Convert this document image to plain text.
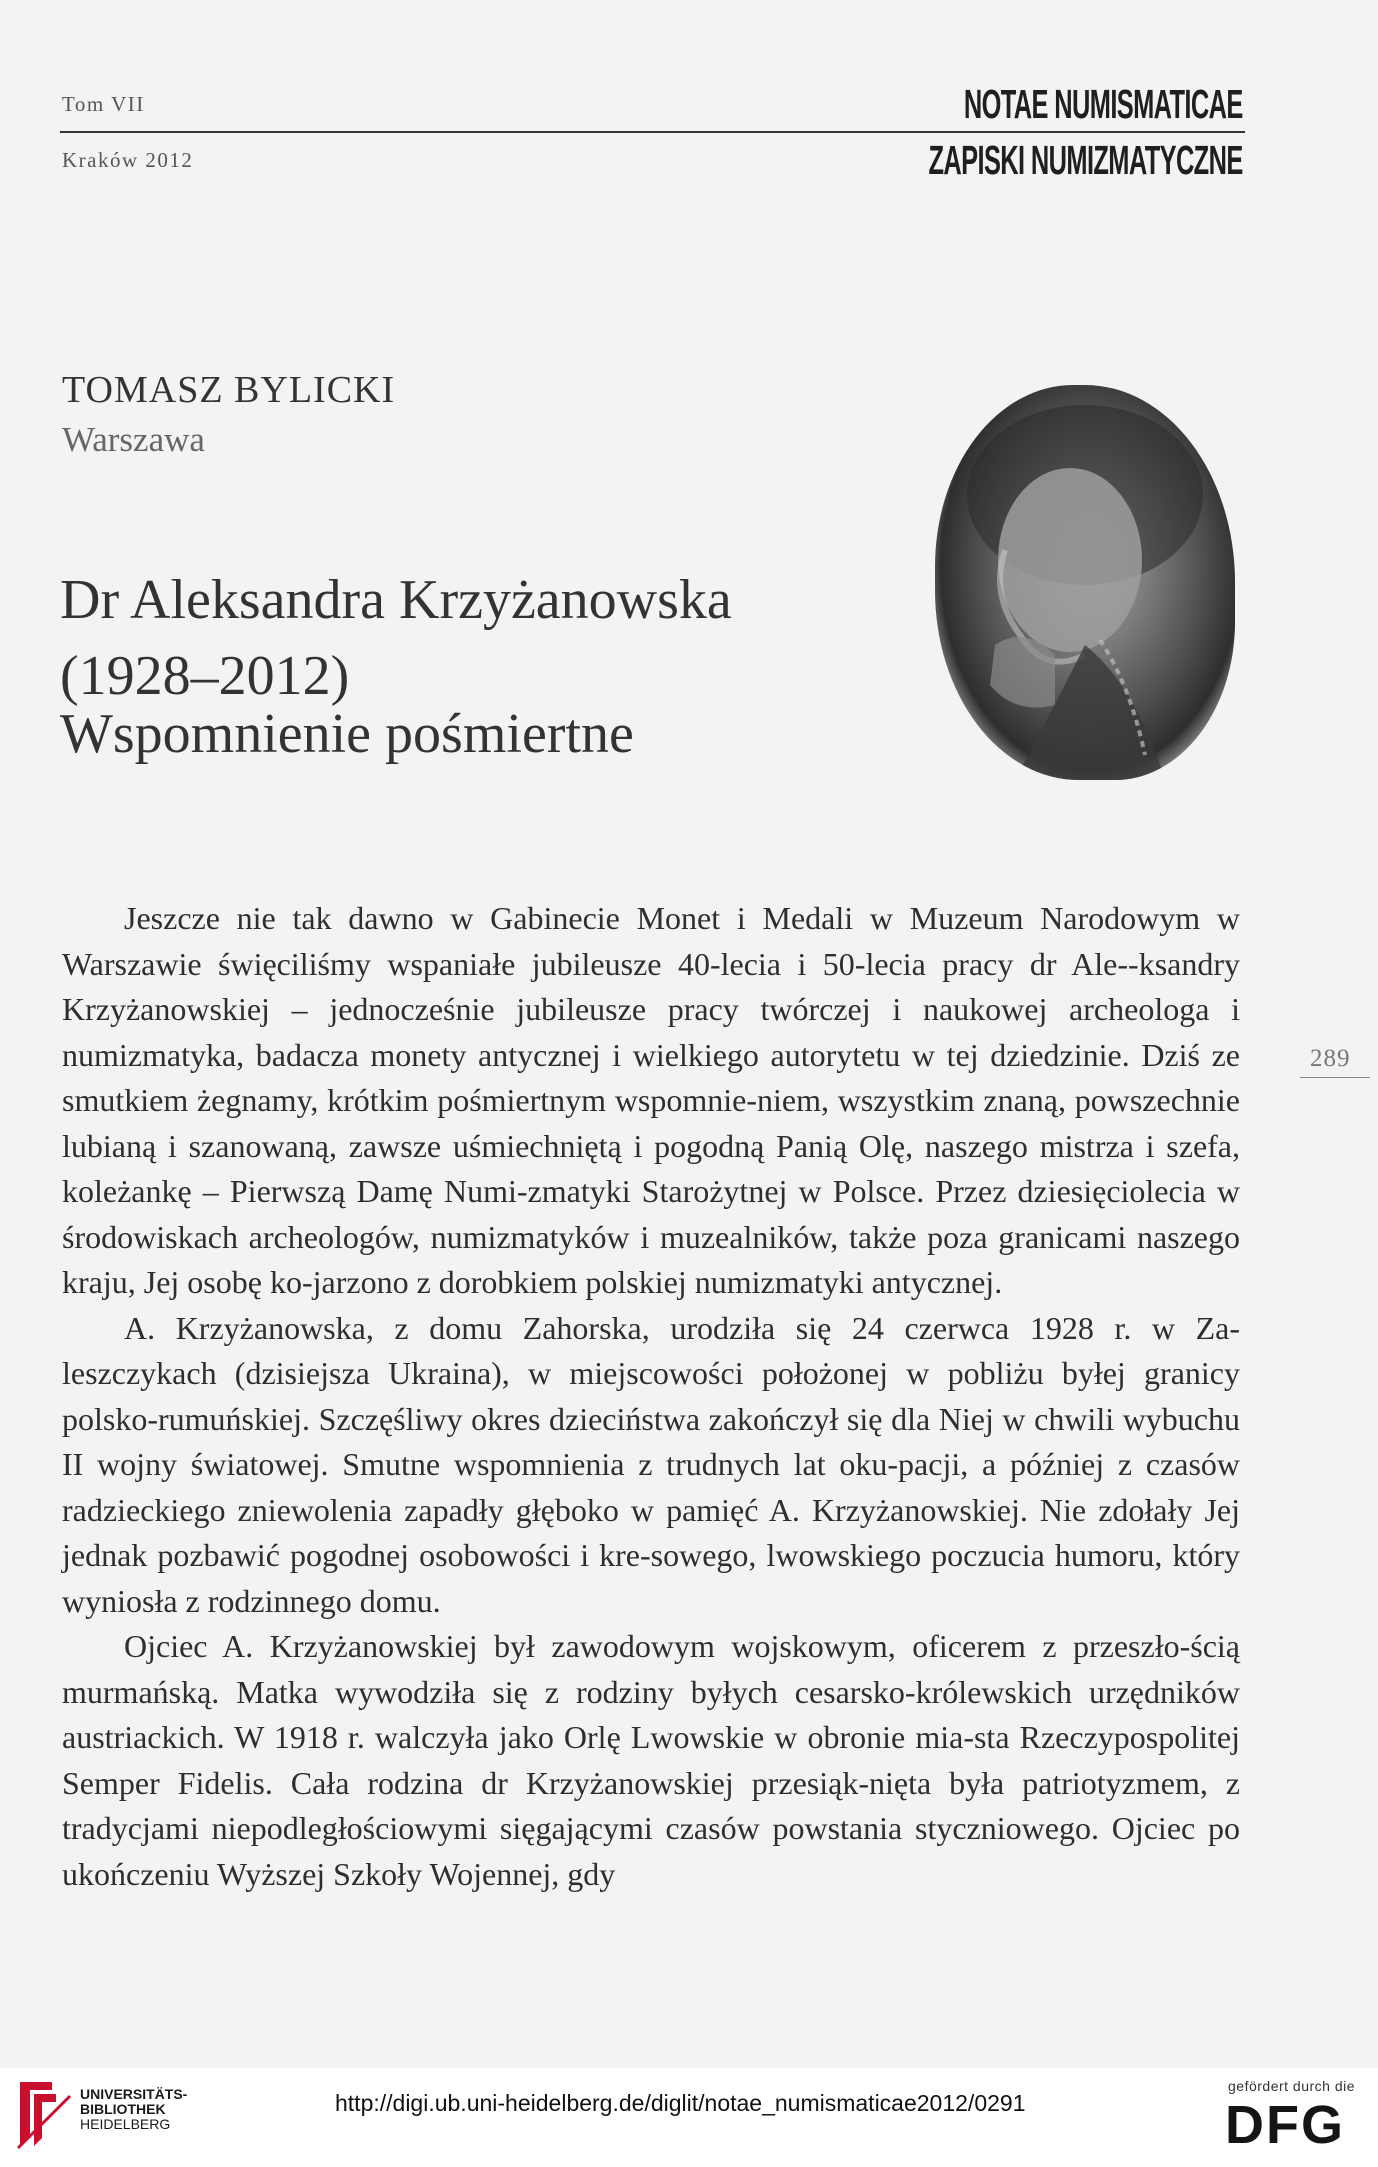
Tom VII
Kraków 2012
NOTAE NUMISMATICAE
ZAPISKI NUMIZMATYCZNE
TOMASZ BYLICKI
Warszawa
Dr Aleksandra Krzyżanowska
(1928–2012)
Wspomnienie pośmiertne
289

Jeszcze nie tak dawno w Gabinecie Monet i Medali w Muzeum Narodowym w Warszawie święciliśmy wspaniałe jubileusze 40-lecia i 50-lecia pracy dr Ale--ksandry Krzyżanowskiej – jednocześnie jubileusze pracy twórczej i naukowej archeologa i numizmatyka, badacza monety antycznej i wielkiego autorytetu w tej dziedzinie. Dziś ze smutkiem żegnamy, krótkim pośmiertnym wspomnie-niem, wszystkim znaną, powszechnie lubianą i szanowaną, zawsze uśmiechniętą i pogodną Panią Olę, naszego mistrza i szefa, koleżankę – Pierwszą Damę Numi-zmatyki Starożytnej w Polsce. Przez dziesięciolecia w środowiskach archeologów, numizmatyków i muzealników, także poza granicami naszego kraju, Jej osobę ko-jarzono z dorobkiem polskiej numizmatyki antycznej.

A. Krzyżanowska, z domu Zahorska, urodziła się 24 czerwca 1928 r. w Za-leszczykach (dzisiejsza Ukraina), w miejscowości położonej w pobliżu byłej granicy polsko-rumuńskiej. Szczęśliwy okres dzieciństwa zakończył się dla Niej w chwili wybuchu II wojny światowej. Smutne wspomnienia z trudnych lat oku-pacji, a później z czasów radzieckiego zniewolenia zapadły głęboko w pamięć A. Krzyżanowskiej. Nie zdołały Jej jednak pozbawić pogodnej osobowości i kre-sowego, lwowskiego poczucia humoru, który wyniosła z rodzinnego domu.

Ojciec A. Krzyżanowskiej był zawodowym wojskowym, oficerem z przeszło-ścią murmańską. Matka wywodziła się z rodziny byłych cesarsko-królewskich urzędników austriackich. W 1918 r. walczyła jako Orlę Lwowskie w obronie mia-sta Rzeczypospolitej Semper Fidelis. Cała rodzina dr Krzyżanowskiej przesiąk-nięta była patriotyzmem, z tradycjami niepodległościowymi sięgającymi czasów powstania styczniowego. Ojciec po ukończeniu Wyższej Szkoły Wojennej, gdy

UNIVERSITÄTS-
BIBLIOTHEK
HEIDELBERG
http://digi.ub.uni-heidelberg.de/diglit/notae_numismaticae2012/0291
gefördert durch die
DFG
